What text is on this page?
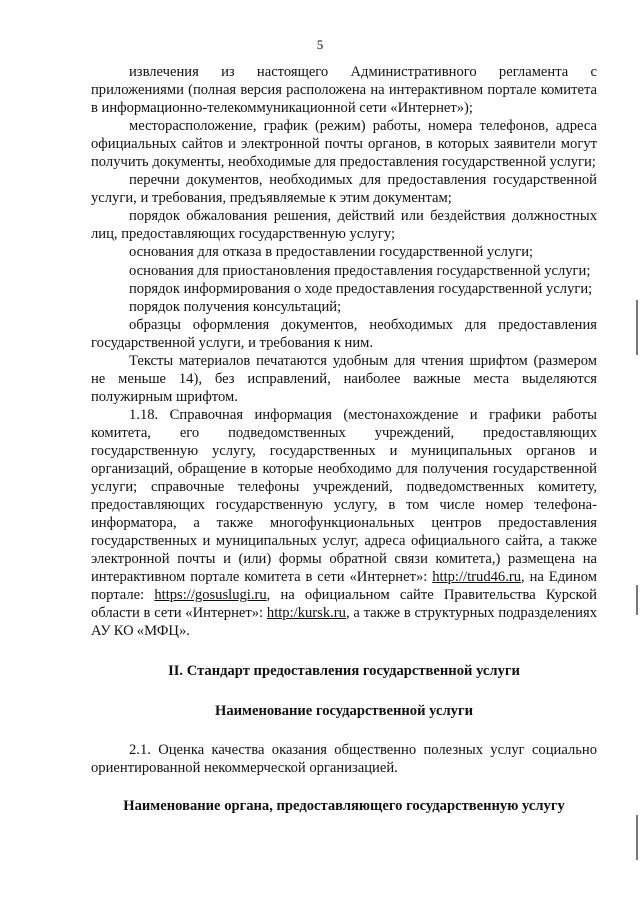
5

извлечения из настоящего Административного регламента с приложениями (полная версия расположена на интерактивном портале комитета в информационно-телекоммуникационной сети «Интернет»);

месторасположение, график (режим) работы, номера телефонов, адреса официальных сайтов и электронной почты органов, в которых заявители могут получить документы, необходимые для предоставления государственной услуги;

перечни документов, необходимых для предоставления государственной услуги, и требования, предъявляемые к этим документам;

порядок обжалования решения, действий или бездействия должностных лиц, предоставляющих государственную услугу;

основания для отказа в предоставлении государственной услуги;

основания для приостановления предоставления государственной услуги;

порядок информирования о ходе предоставления государственной услуги;

порядок получения консультаций;

образцы оформления документов, необходимых для предоставления государственной услуги, и требования к ним.

Тексты материалов печатаются удобным для чтения шрифтом (размером не меньше 14), без исправлений, наиболее важные места выделяются полужирным шрифтом.

1.18. Справочная информация (местонахождение и графики работы комитета, его подведомственных учреждений, предоставляющих государственную услугу, государственных и муниципальных органов и организаций, обращение в которые необходимо для получения государственной услуги; справочные телефоны учреждений, подведомственных комитету, предоставляющих государственную услугу, в том числе номер телефона-информатора, а также многофункциональных центров предоставления государственных и муниципальных услуг, адреса официального сайта, а также электронной почты и (или) формы обратной связи комитета,) размещена на интерактивном портале комитета в сети «Интернет»: http://trud46.ru, на Едином портале: https://gosuslugi.ru, на официальном сайте Правительства Курской области в сети «Интернет»: http:/kursk.ru, а также в структурных подразделениях АУ КО «МФЦ».

II. Стандарт предоставления государственной услуги

Наименование государственной услуги

2.1. Оценка качества оказания общественно полезных услуг социально ориентированной некоммерческой организацией.

Наименование органа, предоставляющего государственную услугу
